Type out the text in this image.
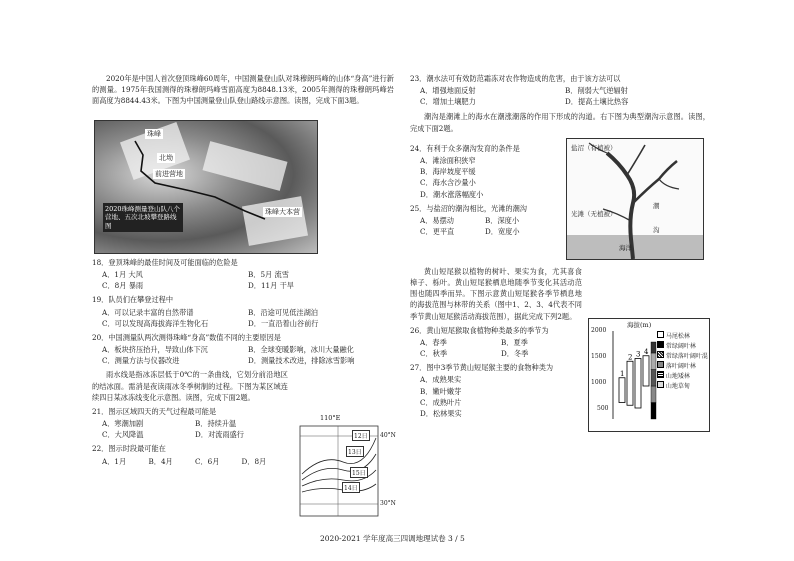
2020年是中国人首次登顶珠峰60周年，中国测量登山队对珠穆朗玛峰的山体“身高”进行新的测量。1975年我国测得的珠穆朗玛峰雪面高度为8848.13米，2005年测得的珠穆朗玛峰岩面高度为8844.43米。下图为中国测量登山队登山路线示意图。读图，完成下面3题。

珠峰
北坳
前进营地
2020珠峰测量登山队八个营地、五次北坡攀登路线图
珠峰大本营
18．登顶珠峰的最佳时间及可能面临的危险是
A．1月 大风	B．5月 流雪
C．8月 暴雨	D．11月 干旱
19．队员们在攀登过程中
A．可以记录丰富的自然带谱	B．沿途可见低洼湖泊
C．可以发现高海拔海洋生物化石	D．一直沿着山谷前行
20．中国测量队两次测得珠峰“身高”数值不同的主要原因是
A．板块挤压抬升，导致山体下沉	B．全球变暖影响，冰川大量融化
C．测量方法与仪器改进	D．测量技术改进，排除冰雪影响

雨水线是指冰冻层低于0℃的一条曲线，它划分前沿地区的结冰面。需消是夜读雨冰冬季树制的过程。下图为某区域连续四日某冰冻线变化示意图。读图，完成下面2题。

21．图示区域四天的天气过程最可能是
A．寒潮加剧	B．持续升温
C．大风降温	D．对流雨盛行
22．图示时段最可能在
A．1月	B．4月	C．6月	D．8月
110°E
12日
13日
15日
14日
40°N
30°N
23．潮水法可有效防范霜冻对农作物造成的危害，由于该方法可以
A．增强地面反射	B．削弱大气逆辐射
C．增加土壤肥力	D．提高土壤比热容

潮沟是潮滩上的海水在潮涨潮落的作用下形成的沟道。右下图为典型潮沟示意图。读图，完成下面2题。

24．有利于众多潮沟发育的条件是
A．滩涂面积狭窄
B．海岸坡度平缓
C．海水含沙量小
D．潮水涨落幅度小
25．与盐沼的潮沟相比，光滩的潮沟
A．易摆动	B．深度小
C．更平直	D．宽度小
盐沼（有植被）
潮
沟
光滩（无植被）
海洋

黄山短尾猴以植物的树叶、果实为食，尤其喜食樟子、栎叶。黄山短尾猴栖息地随季节变化其活动范围也随四季而异。下图示意黄山短尾猴各季节栖息地的海拔范围与林带的关系（图中1、2、3、4代表不同季节黄山短尾猴活动海拔范围），据此完成下列2题。

26．黄山短尾猴取食植物种类最多的季节为
A．春季	B．夏季
C．秋季	D．冬季
27．图中3季节黄山短尾猴主要的食物种类为
A．成熟果实
B．嫩叶嫩芽
C．成熟叶片
D．松林果实
海拔(m)
1
2 3 4
2000
1500
1000
500
马尾松林
常绿阔叶林
常绿落叶阔叶混
落叶阔叶林
山地矮林
山地草甸
2020-2021 学年度高三四调地理试卷 3 / 5
